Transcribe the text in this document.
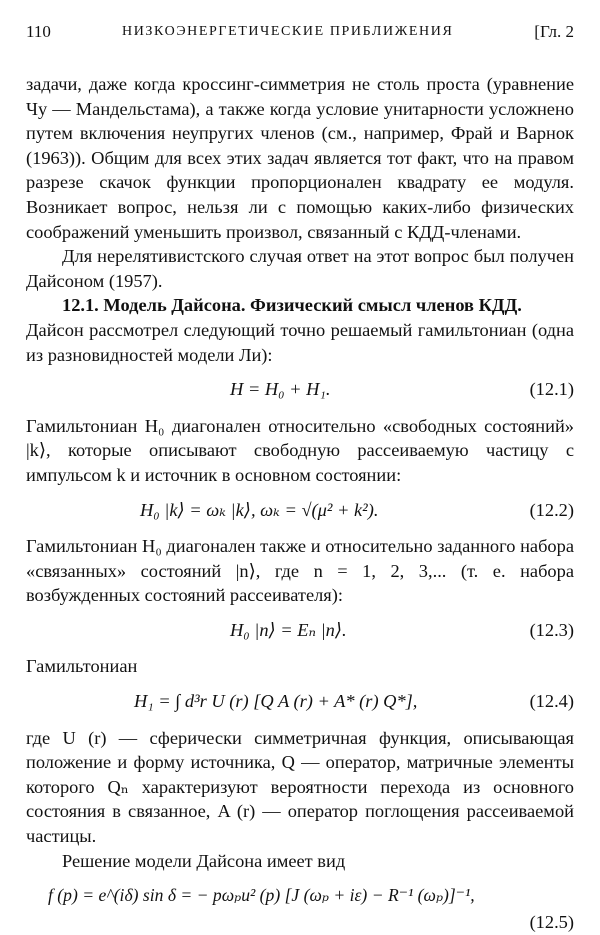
110	НИЗКОЭНЕРГЕТИЧЕСКИЕ ПРИБЛИЖЕНИЯ	[Гл. 2

задачи, даже когда кроссинг-симметрия не столь проста (уравнение Чу — Мандельстама), а также когда условие унитарности усложнено путем включения неупругих членов (см., например, Фрай и Варнок (1963)). Общим для всех этих задач является тот факт, что на правом разрезе скачок функции пропорционален квадрату ее модуля. Возникает вопрос, нельзя ли с помощью каких-либо физических соображений уменьшить произвол, связанный с КДД-членами.

Для нерелятивистского случая ответ на этот вопрос был получен Дайсоном (1957).

12.1. Модель Дайсона. Физический смысл членов КДД.

Дайсон рассмотрел следующий точно решаемый гамильтониан (одна из разновидностей модели Ли):

H = H₀ + H₁.	(12.1)

Гамильтониан H₀ диагонален относительно «свободных состояний» |k⟩, которые описывают свободную рассеиваемую частицу с импульсом k и источник в основном состоянии:

H₀ |k⟩ = ωₖ |k⟩, ωₖ = √(μ² + k²).	(12.2)

Гамильтониан H₀ диагонален также и относительно заданного набора «связанных» состояний |n⟩, где n = 1, 2, 3,... (т. е. набора возбужденных состояний рассеивателя):

H₀ |n⟩ = Eₙ |n⟩.	(12.3)

Гамильтониан

H₁ = ∫ d³r U (r) [Q A (r) + A* (r) Q*],	(12.4)

где U (r) — сферически симметричная функция, описывающая положение и форму источника, Q — оператор, матричные элементы которого Qₙ характеризуют вероятности перехода из основного состояния в связанное, A (r) — оператор поглощения рассеиваемой частицы.

Решение модели Дайсона имеет вид

f (p) = e^(iδ) sin δ = − pωₚu² (p) [J (ωₚ + iε) − R⁻¹ (ωₚ)]⁻¹,
(12.5)
